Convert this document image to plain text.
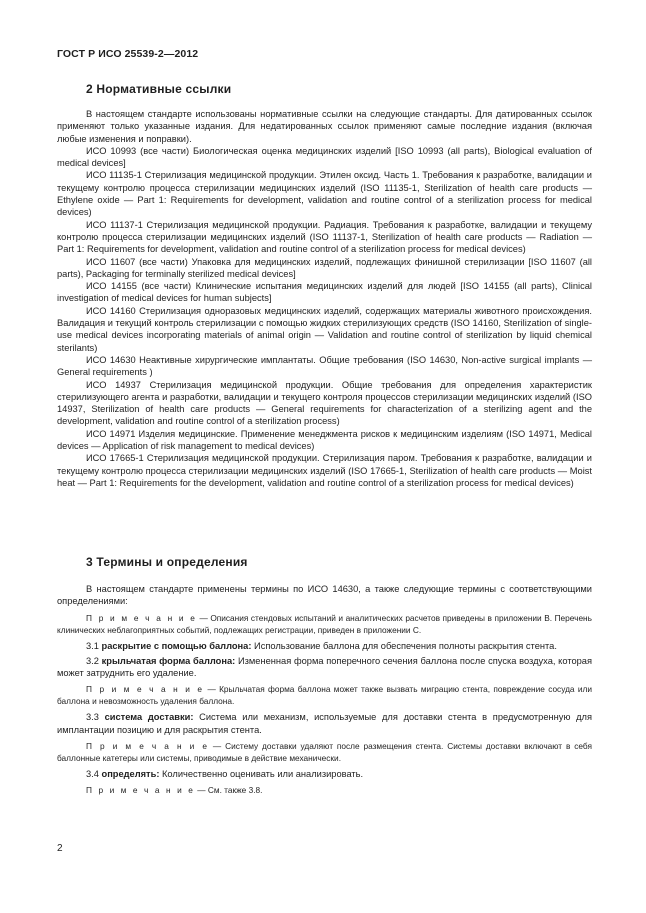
ГОСТ Р ИСО 25539-2—2012
2 Нормативные ссылки

В настоящем стандарте использованы нормативные ссылки на следующие стандарты. Для датированных ссылок применяют только указанные издания. Для недатированных ссылок применяют самые последние издания (включая любые изменения и поправки).

ИСО 10993 (все части) Биологическая оценка медицинских изделий [ISO 10993 (all parts), Biological evaluation of medical devices]

ИСО 11135-1 Стерилизация медицинской продукции. Этилен оксид. Часть 1. Требования к разработке, валидации и текущему контролю процесса стерилизации медицинских изделий (ISO 11135-1, Sterilization of health care products — Ethylene oxide — Part 1: Requirements for development, validation and routine control of a sterilization process for medical devices)

ИСО 11137-1 Стерилизация медицинской продукции. Радиация. Требования к разработке, валидации и текущему контролю процесса стерилизации медицинских изделий (ISO 11137-1, Sterilization of health care products — Radiation — Part 1: Requirements for development, validation and routine control of a sterilization process for medical devices)

ИСО 11607 (все части) Упаковка для медицинских изделий, подлежащих финишной стерилизации [ISO 11607 (all parts), Packaging for terminally sterilized medical devices]

ИСО 14155 (все части) Клинические испытания медицинских изделий для людей [ISO 14155 (all parts), Clinical investigation of medical devices for human subjects]

ИСО 14160 Стерилизация одноразовых медицинских изделий, содержащих материалы животного происхождения. Валидация и текущий контроль стерилизации с помощью жидких стерилизующих средств (ISO 14160, Sterilization of single-use medical devices incorporating materials of animal origin — Validation and routine control of sterilization by liquid chemical sterilants)

ИСО 14630 Неактивные хирургические имплантаты. Общие требования (ISO 14630, Non-active surgical implants — General requirements )

ИСО 14937 Стерилизация медицинской продукции. Общие требования для определения характеристик стерилизующего агента и разработки, валидации и текущего контроля процессов стерилизации медицинских изделий (ISO 14937, Sterilization of health care products — General requirements for characterization of a sterilizing agent and the development, validation and routine control of a sterilization process)

ИСО 14971 Изделия медицинские. Применение менеджмента рисков к медицинским изделиям (ISO 14971, Medical devices — Application of risk management to medical devices)

ИСО 17665-1 Стерилизация медицинской продукции. Стерилизация паром. Требования к разработке, валидации и текущему контролю процесса стерилизации медицинских изделий (ISO 17665-1, Sterilization of health care products — Moist heat — Part 1: Requirements for the development, validation and routine control of a sterilization process for medical devices)

3 Термины и определения

В настоящем стандарте применены термины по ИСО 14630, а также следующие термины с соответствующими определениями:

П р и м е ч а н и е — Описания стендовых испытаний и аналитических расчетов приведены в приложении В. Перечень клинических неблагоприятных событий, подлежащих регистрации, приведен в приложении С.

3.1 раскрытие с помощью баллона: Использование баллона для обеспечения полноты раскрытия стента.

3.2 крыльчатая форма баллона: Измененная форма поперечного сечения баллона после спуска воздуха, которая может затруднить его удаление.

П р и м е ч а н и е — Крыльчатая форма баллона может также вызвать миграцию стента, повреждение сосуда или баллона и невозможность удаления баллона.

3.3 система доставки: Система или механизм, используемые для доставки стента в предусмотренную для имплантации позицию и для раскрытия стента.

П р и м е ч а н и е — Систему доставки удаляют после размещения стента. Системы доставки включают в себя баллонные катетеры или системы, приводимые в действие механически.

3.4 определять: Количественно оценивать или анализировать.

П р и м е ч а н и е — См. также 3.8.

2
